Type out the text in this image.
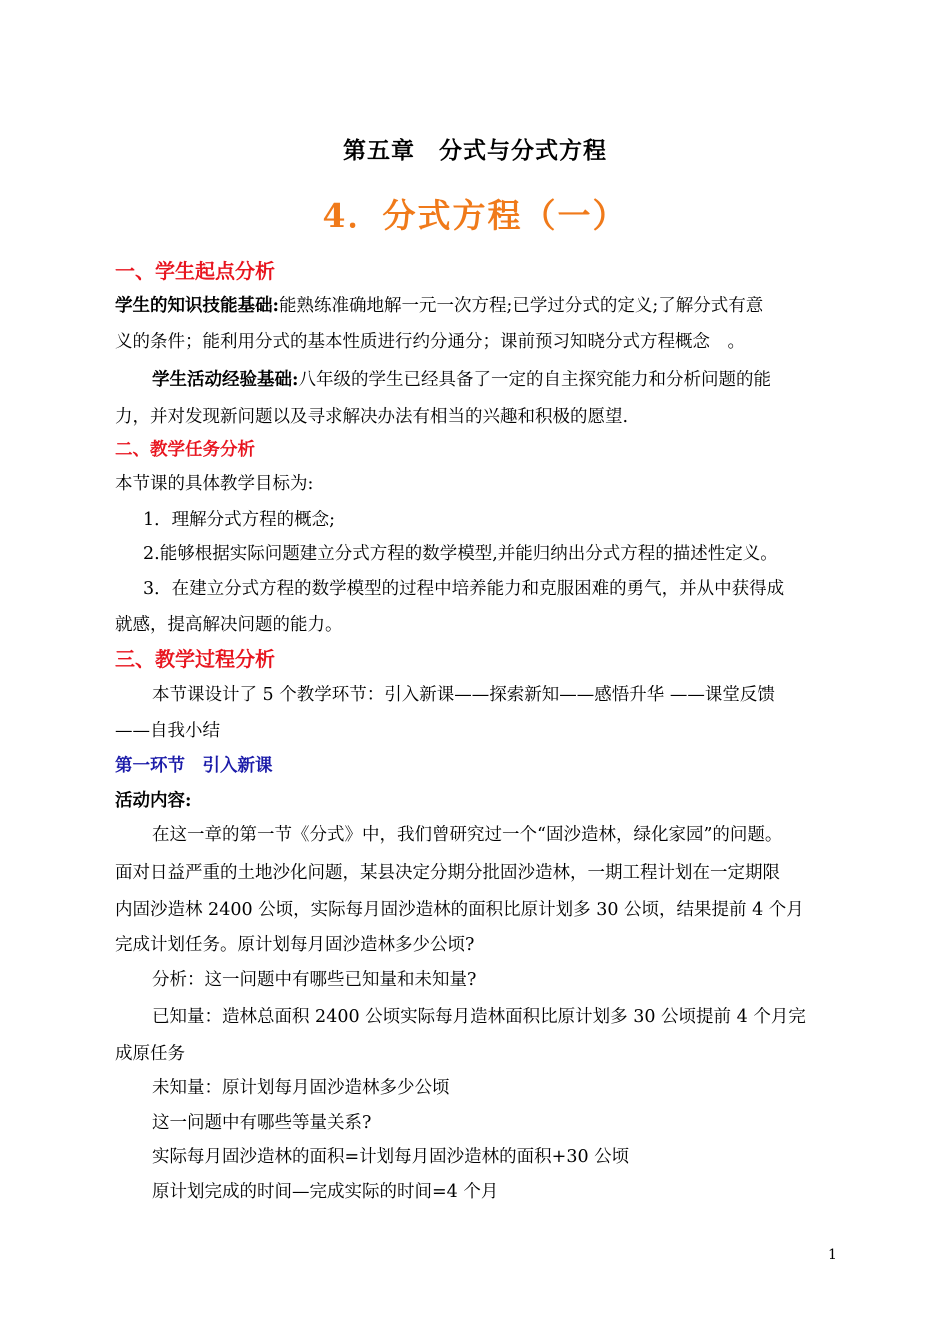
第五章　分式与分式方程
4．分式方程（一）
一、学生起点分析
学生的知识技能基础:能熟练准确地解一元一次方程;已学过分式的定义;了解分式有意
义的条件；能利用分式的基本性质进行约分通分；课前预习知晓分式方程概念　。
学生活动经验基础:八年级的学生已经具备了一定的自主探究能力和分析问题的能
力，并对发现新问题以及寻求解决办法有相当的兴趣和积极的愿望.
二、教学任务分析
本节课的具体教学目标为:
1．理解分式方程的概念;
2.能够根据实际问题建立分式方程的数学模型,并能归纳出分式方程的描述性定义。
3．在建立分式方程的数学模型的过程中培养能力和克服困难的勇气，并从中获得成
就感，提高解决问题的能力。
三、教学过程分析
本节课设计了 5 个教学环节：引入新课——探索新知——感悟升华 ——课堂反馈
——自我小结
第一环节　引入新课
活动内容:
在这一章的第一节《分式》中，我们曾研究过一个“固沙造林，绿化家园”的问题。
面对日益严重的土地沙化问题，某县决定分期分批固沙造林，一期工程计划在一定期限
内固沙造林 2400 公顷，实际每月固沙造林的面积比原计划多 30 公顷，结果提前 4 个月
完成计划任务。原计划每月固沙造林多少公顷?
分析：这一问题中有哪些已知量和未知量?
已知量：造林总面积 2400 公顷实际每月造林面积比原计划多 30 公顷提前 4 个月完
成原任务
未知量：原计划每月固沙造林多少公顷
这一问题中有哪些等量关系?
实际每月固沙造林的面积=计划每月固沙造林的面积+30 公顷
原计划完成的时间—完成实际的时间=4 个月
1
